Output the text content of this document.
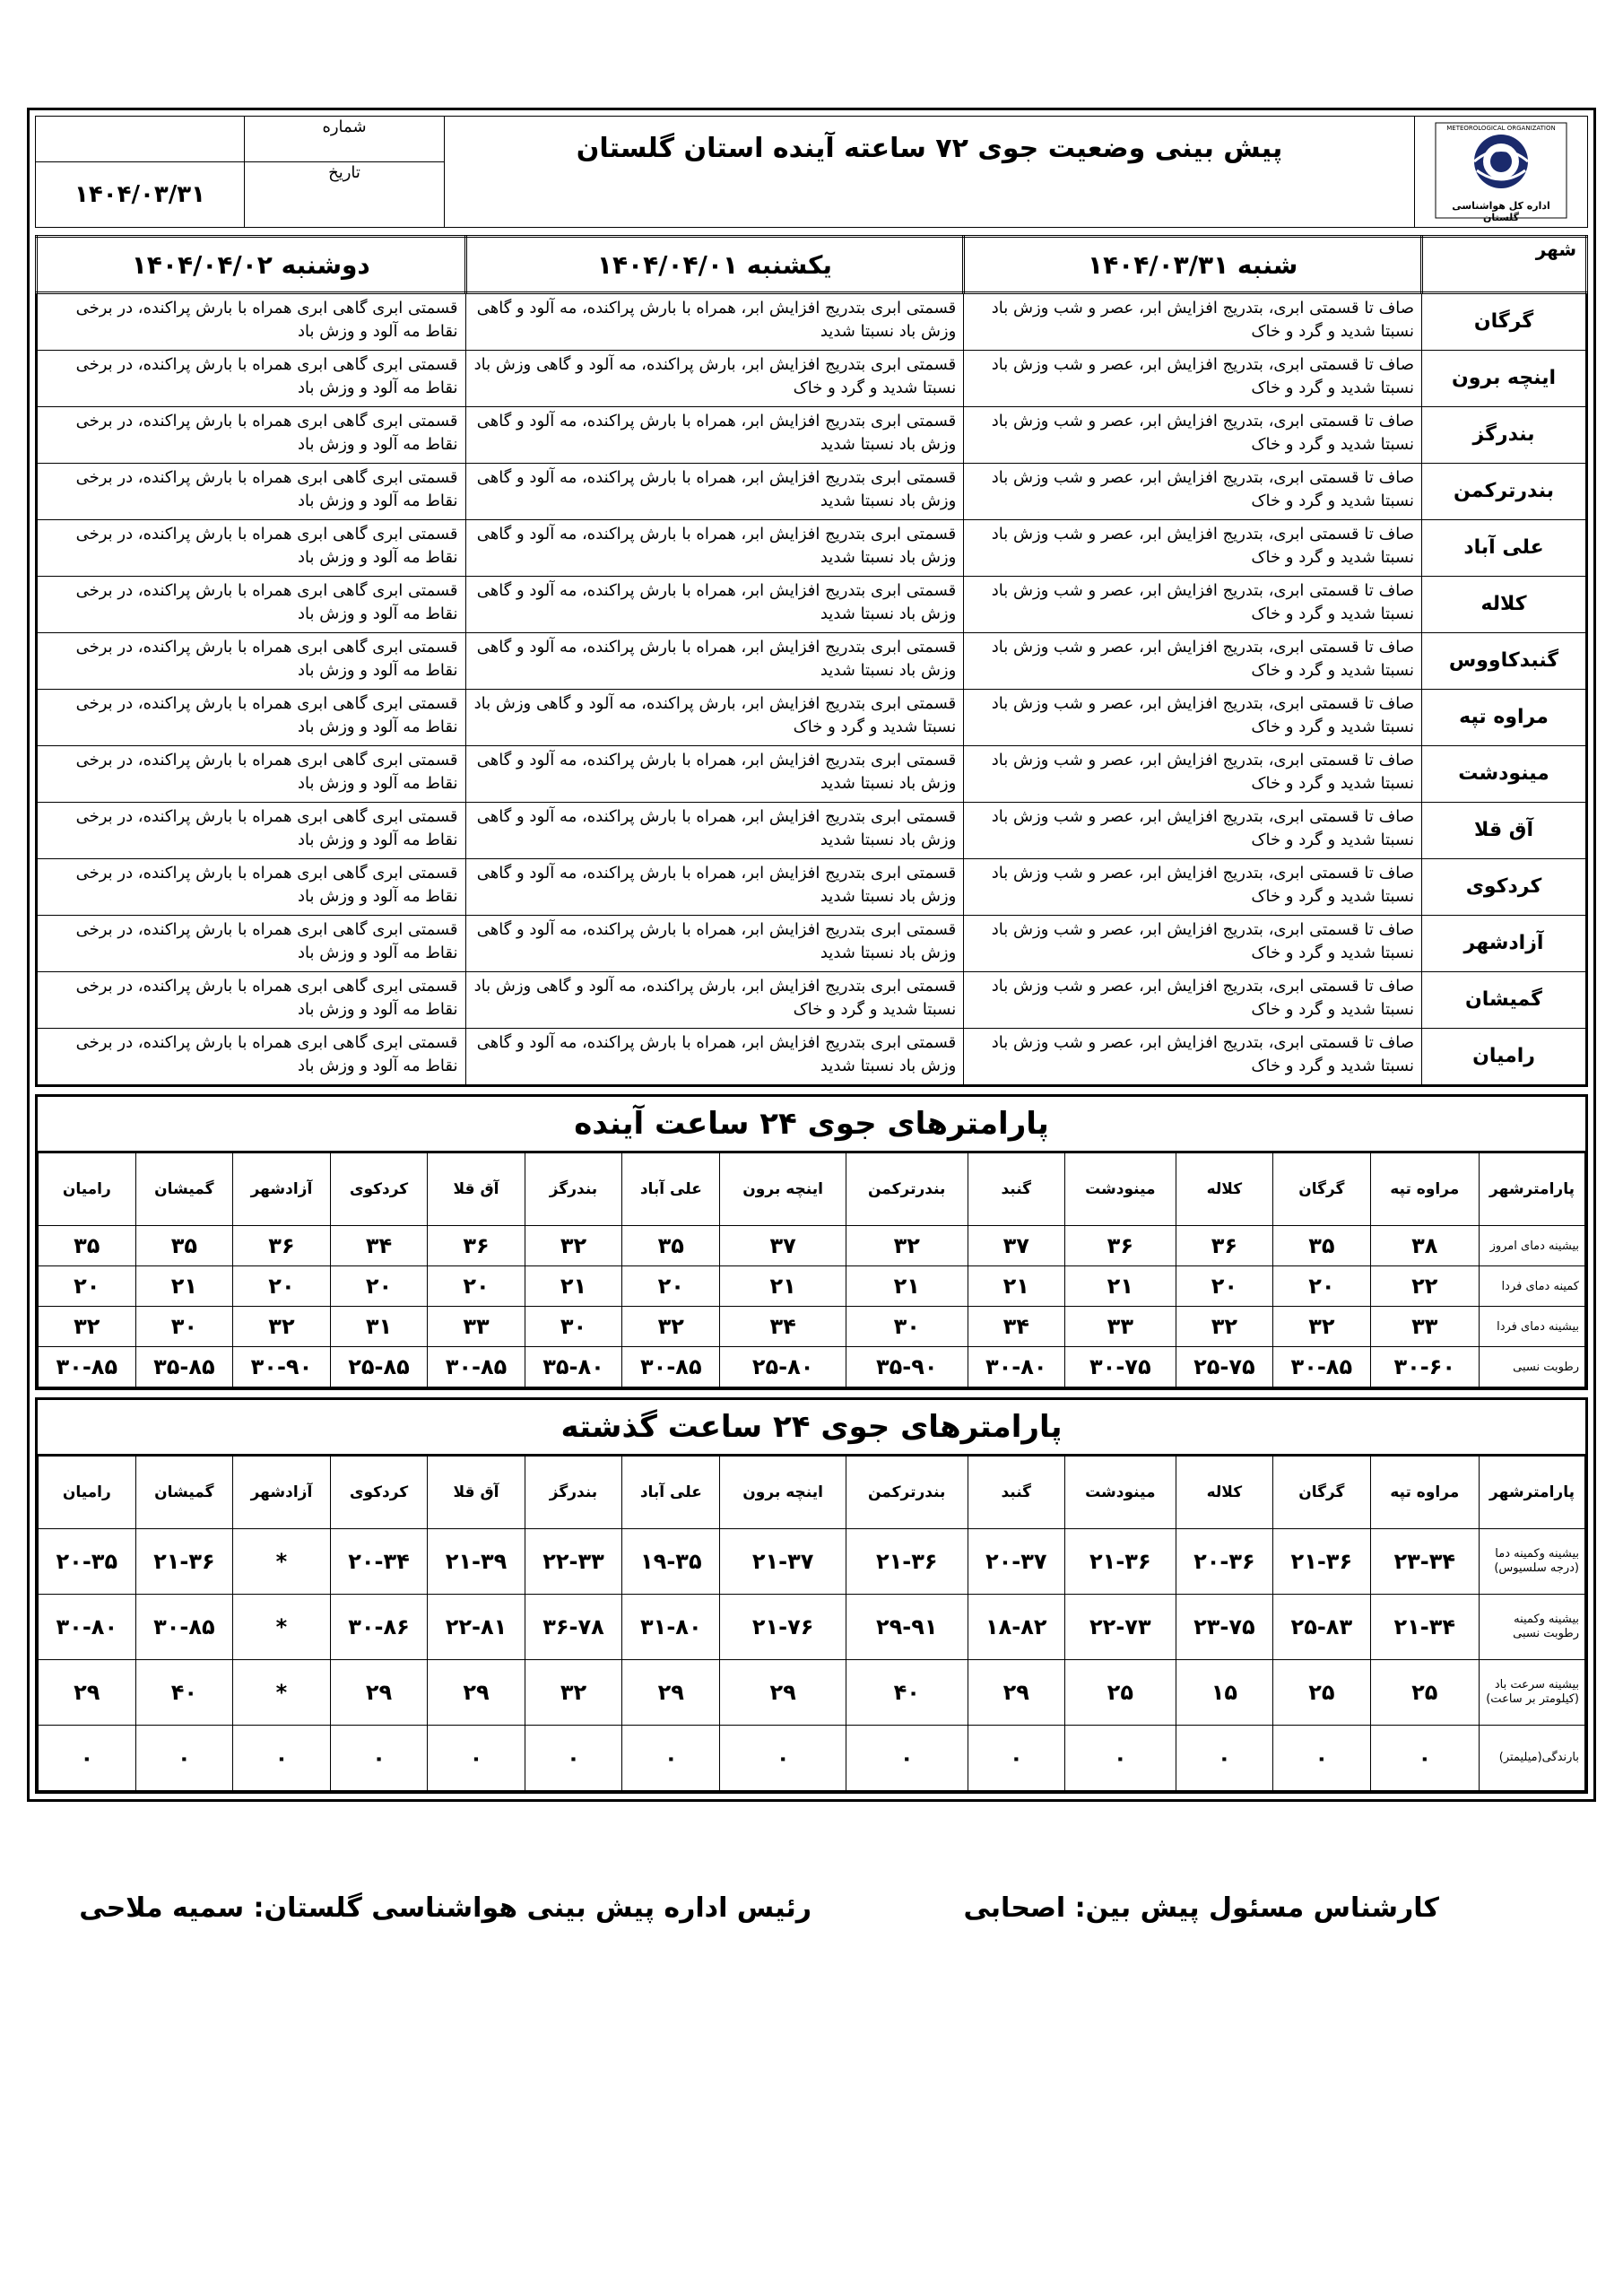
METEOROLOGICAL ORGANIZATION
اداره کل هواشناسی گلستان	پیش بینی وضعیت جوی ۷۲ ساعته آینده استان گلستان	شماره	
		تاریخ	۱۴۰۴/۰۳/۳۱
شهر	شنبه ۱۴۰۴/۰۳/۳۱	یکشنبه ۱۴۰۴/۰۴/۰۱	دوشنبه ۱۴۰۴/۰۴/۰۲
گرگان	صاف تا قسمتی ابری، بتدریج افزایش ابر، عصر و شب وزش باد نسبتا شدید و گرد و خاک	قسمتی ابری بتدریج افزایش ابر، همراه با بارش پراکنده، مه آلود و گاهی وزش باد نسبتا شدید	قسمتی ابری گاهی ابری همراه با بارش پراکنده، در برخی نقاط مه آلود و وزش باد
اینچه برون	صاف تا قسمتی ابری، بتدریج افزایش ابر، عصر و شب وزش باد نسبتا شدید و گرد و خاک	قسمتی ابری بتدریج افزایش ابر، بارش پراکنده، مه آلود و گاهی وزش باد نسبتا شدید و گرد و خاک	قسمتی ابری گاهی ابری همراه با بارش پراکنده، در برخی نقاط مه آلود و وزش باد
بندرگز	صاف تا قسمتی ابری، بتدریج افزایش ابر، عصر و شب وزش باد نسبتا شدید و گرد و خاک	قسمتی ابری بتدریج افزایش ابر، همراه با بارش پراکنده، مه آلود و گاهی وزش باد نسبتا شدید	قسمتی ابری گاهی ابری همراه با بارش پراکنده، در برخی نقاط مه آلود و وزش باد
بندرترکمن	صاف تا قسمتی ابری، بتدریج افزایش ابر، عصر و شب وزش باد نسبتا شدید و گرد و خاک	قسمتی ابری بتدریج افزایش ابر، همراه با بارش پراکنده، مه آلود و گاهی وزش باد نسبتا شدید	قسمتی ابری گاهی ابری همراه با بارش پراکنده، در برخی نقاط مه آلود و وزش باد
علی آباد	صاف تا قسمتی ابری، بتدریج افزایش ابر، عصر و شب وزش باد نسبتا شدید و گرد و خاک	قسمتی ابری بتدریج افزایش ابر، همراه با بارش پراکنده، مه آلود و گاهی وزش باد نسبتا شدید	قسمتی ابری گاهی ابری همراه با بارش پراکنده، در برخی نقاط مه آلود و وزش باد
کلاله	صاف تا قسمتی ابری، بتدریج افزایش ابر، عصر و شب وزش باد نسبتا شدید و گرد و خاک	قسمتی ابری بتدریج افزایش ابر، همراه با بارش پراکنده، مه آلود و گاهی وزش باد نسبتا شدید	قسمتی ابری گاهی ابری همراه با بارش پراکنده، در برخی نقاط مه آلود و وزش باد
گنبدکاووس	صاف تا قسمتی ابری، بتدریج افزایش ابر، عصر و شب وزش باد نسبتا شدید و گرد و خاک	قسمتی ابری بتدریج افزایش ابر، همراه با بارش پراکنده، مه آلود و گاهی وزش باد نسبتا شدید	قسمتی ابری گاهی ابری همراه با بارش پراکنده، در برخی نقاط مه آلود و وزش باد
مراوه تپه	صاف تا قسمتی ابری، بتدریج افزایش ابر، عصر و شب وزش باد نسبتا شدید و گرد و خاک	قسمتی ابری بتدریج افزایش ابر، بارش پراکنده، مه آلود و گاهی وزش باد نسبتا شدید و گرد و خاک	قسمتی ابری گاهی ابری همراه با بارش پراکنده، در برخی نقاط مه آلود و وزش باد
مینودشت	صاف تا قسمتی ابری، بتدریج افزایش ابر، عصر و شب وزش باد نسبتا شدید و گرد و خاک	قسمتی ابری بتدریج افزایش ابر، همراه با بارش پراکنده، مه آلود و گاهی وزش باد نسبتا شدید	قسمتی ابری گاهی ابری همراه با بارش پراکنده، در برخی نقاط مه آلود و وزش باد
آق قلا	صاف تا قسمتی ابری، بتدریج افزایش ابر، عصر و شب وزش باد نسبتا شدید و گرد و خاک	قسمتی ابری بتدریج افزایش ابر، همراه با بارش پراکنده، مه آلود و گاهی وزش باد نسبتا شدید	قسمتی ابری گاهی ابری همراه با بارش پراکنده، در برخی نقاط مه آلود و وزش باد
کردکوی	صاف تا قسمتی ابری، بتدریج افزایش ابر، عصر و شب وزش باد نسبتا شدید و گرد و خاک	قسمتی ابری بتدریج افزایش ابر، همراه با بارش پراکنده، مه آلود و گاهی وزش باد نسبتا شدید	قسمتی ابری گاهی ابری همراه با بارش پراکنده، در برخی نقاط مه آلود و وزش باد
آزادشهر	صاف تا قسمتی ابری، بتدریج افزایش ابر، عصر و شب وزش باد نسبتا شدید و گرد و خاک	قسمتی ابری بتدریج افزایش ابر، همراه با بارش پراکنده، مه آلود و گاهی وزش باد نسبتا شدید	قسمتی ابری گاهی ابری همراه با بارش پراکنده، در برخی نقاط مه آلود و وزش باد
گمیشان	صاف تا قسمتی ابری، بتدریج افزایش ابر، عصر و شب وزش باد نسبتا شدید و گرد و خاک	قسمتی ابری بتدریج افزایش ابر، بارش پراکنده، مه آلود و گاهی وزش باد نسبتا شدید و گرد و خاک	قسمتی ابری گاهی ابری همراه با بارش پراکنده، در برخی نقاط مه آلود و وزش باد
رامیان	صاف تا قسمتی ابری، بتدریج افزایش ابر، عصر و شب وزش باد نسبتا شدید و گرد و خاک	قسمتی ابری بتدریج افزایش ابر، همراه با بارش پراکنده، مه آلود و گاهی وزش باد نسبتا شدید	قسمتی ابری گاهی ابری همراه با بارش پراکنده، در برخی نقاط مه آلود و وزش باد
پارامترهای جوی ۲۴ ساعت آینده
پارامترشهر	مراوه تپه	گرگان	کلاله	مینودشت	گنبد	بندرترکمن	اینچه برون	علی آباد	بندرگز	آق قلا	کردکوی	آزادشهر	گمیشان	رامیان
بیشینه دمای امروز	۳۸	۳۵	۳۶	۳۶	۳۷	۳۲	۳۷	۳۵	۳۲	۳۶	۳۴	۳۶	۳۵	۳۵
کمینه دمای فردا	۲۲	۲۰	۲۰	۲۱	۲۱	۲۱	۲۱	۲۰	۲۱	۲۰	۲۰	۲۰	۲۱	۲۰
بیشینه دمای فردا	۳۳	۳۲	۳۲	۳۳	۳۴	۳۰	۳۴	۳۲	۳۰	۳۳	۳۱	۳۲	۳۰	۳۲
رطوبت نسبی	۳۰-۶۰	۳۰-۸۵	۲۵-۷۵	۳۰-۷۵	۳۰-۸۰	۳۵-۹۰	۲۵-۸۰	۳۰-۸۵	۳۵-۸۰	۳۰-۸۵	۲۵-۸۵	۳۰-۹۰	۳۵-۸۵	۳۰-۸۵
پارامترهای جوی ۲۴ ساعت گذشته
پارامترشهر	مراوه تپه	گرگان	کلاله	مینودشت	گنبد	بندرترکمن	اینچه برون	علی آباد	بندرگز	آق قلا	کردکوی	آزادشهر	گمیشان	رامیان
بیشینه وکمینه دما (درجه سلسیوس)	۲۳-۳۴	۲۱-۳۶	۲۰-۳۶	۲۱-۳۶	۲۰-۳۷	۲۱-۳۶	۲۱-۳۷	۱۹-۳۵	۲۲-۳۳	۲۱-۳۹	۲۰-۳۴	*	۲۱-۳۶	۲۰-۳۵
بیشینه وکمینه رطوبت نسبی	۲۱-۳۴	۲۵-۸۳	۲۳-۷۵	۲۲-۷۳	۱۸-۸۲	۲۹-۹۱	۲۱-۷۶	۳۱-۸۰	۳۶-۷۸	۲۲-۸۱	۳۰-۸۶	*	۳۰-۸۵	۳۰-۸۰
بیشینه سرعت باد (کیلومتر بر ساعت)	۲۵	۲۵	۱۵	۲۵	۲۹	۴۰	۲۹	۲۹	۳۲	۲۹	۲۹	*	۴۰	۲۹
بارندگی(میلیمتر)	۰	۰	۰	۰	۰	۰	۰	۰	۰	۰	۰	۰	۰	۰
کارشناس مسئول پیش بین: اصحابی
رئیس اداره پیش بینی هواشناسی گلستان: سمیه ملاحی
